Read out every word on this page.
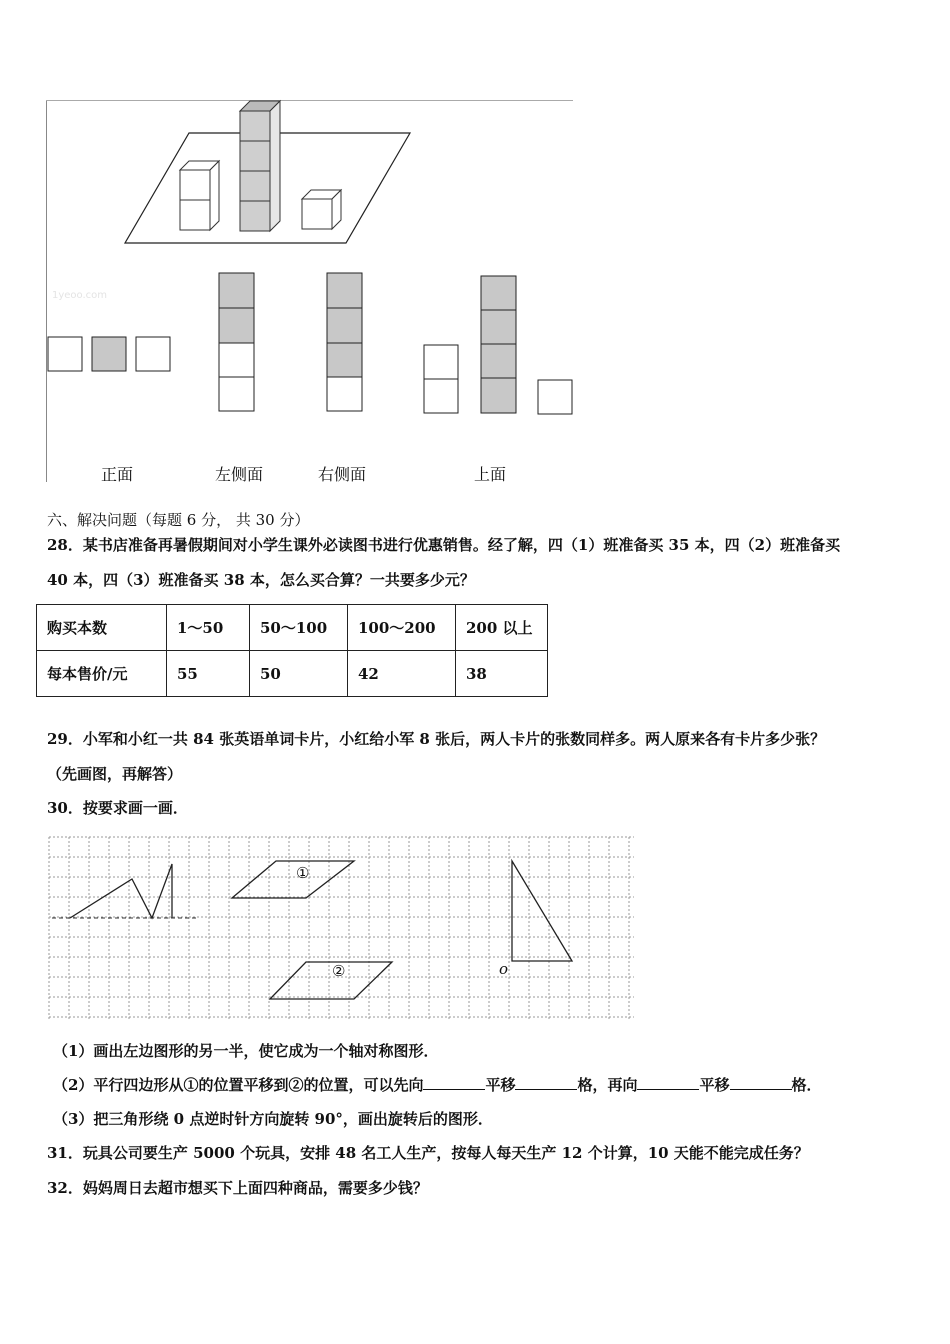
1yeoo.com
正面	左侧面	右侧面	上面
六、解决问题（每题 6 分， 共 30 分）
28．某书店准备再暑假期间对小学生课外必读图书进行优惠销售。经了解，四（1）班准备买 35 本，四（2）班准备买
40 本，四（3）班准备买 38 本，怎么买合算？一共要多少元？
购买本数	1～50	50～100	100～200	200 以上
每本售价/元	55	50	42	38
29．小军和小红一共 84 张英语单词卡片，小红给小军 8 张后，两人卡片的张数同样多。两人原来各有卡片多少张？
（先画图，再解答）
30．按要求画一画．
①
②	o
（1）画出左边图形的另一半，使它成为一个轴对称图形．
（2）平行四边形从①的位置平移到②的位置，可以先向	平移	格，再向	平移	格．
（3）把三角形绕 0 点逆时针方向旋转 90°，画出旋转后的图形．
31．玩具公司要生产 5000 个玩具，安排 48 名工人生产，按每人每天生产 12 个计算，10 天能不能完成任务？
32．妈妈周日去超市想买下上面四种商品，需要多少钱？
